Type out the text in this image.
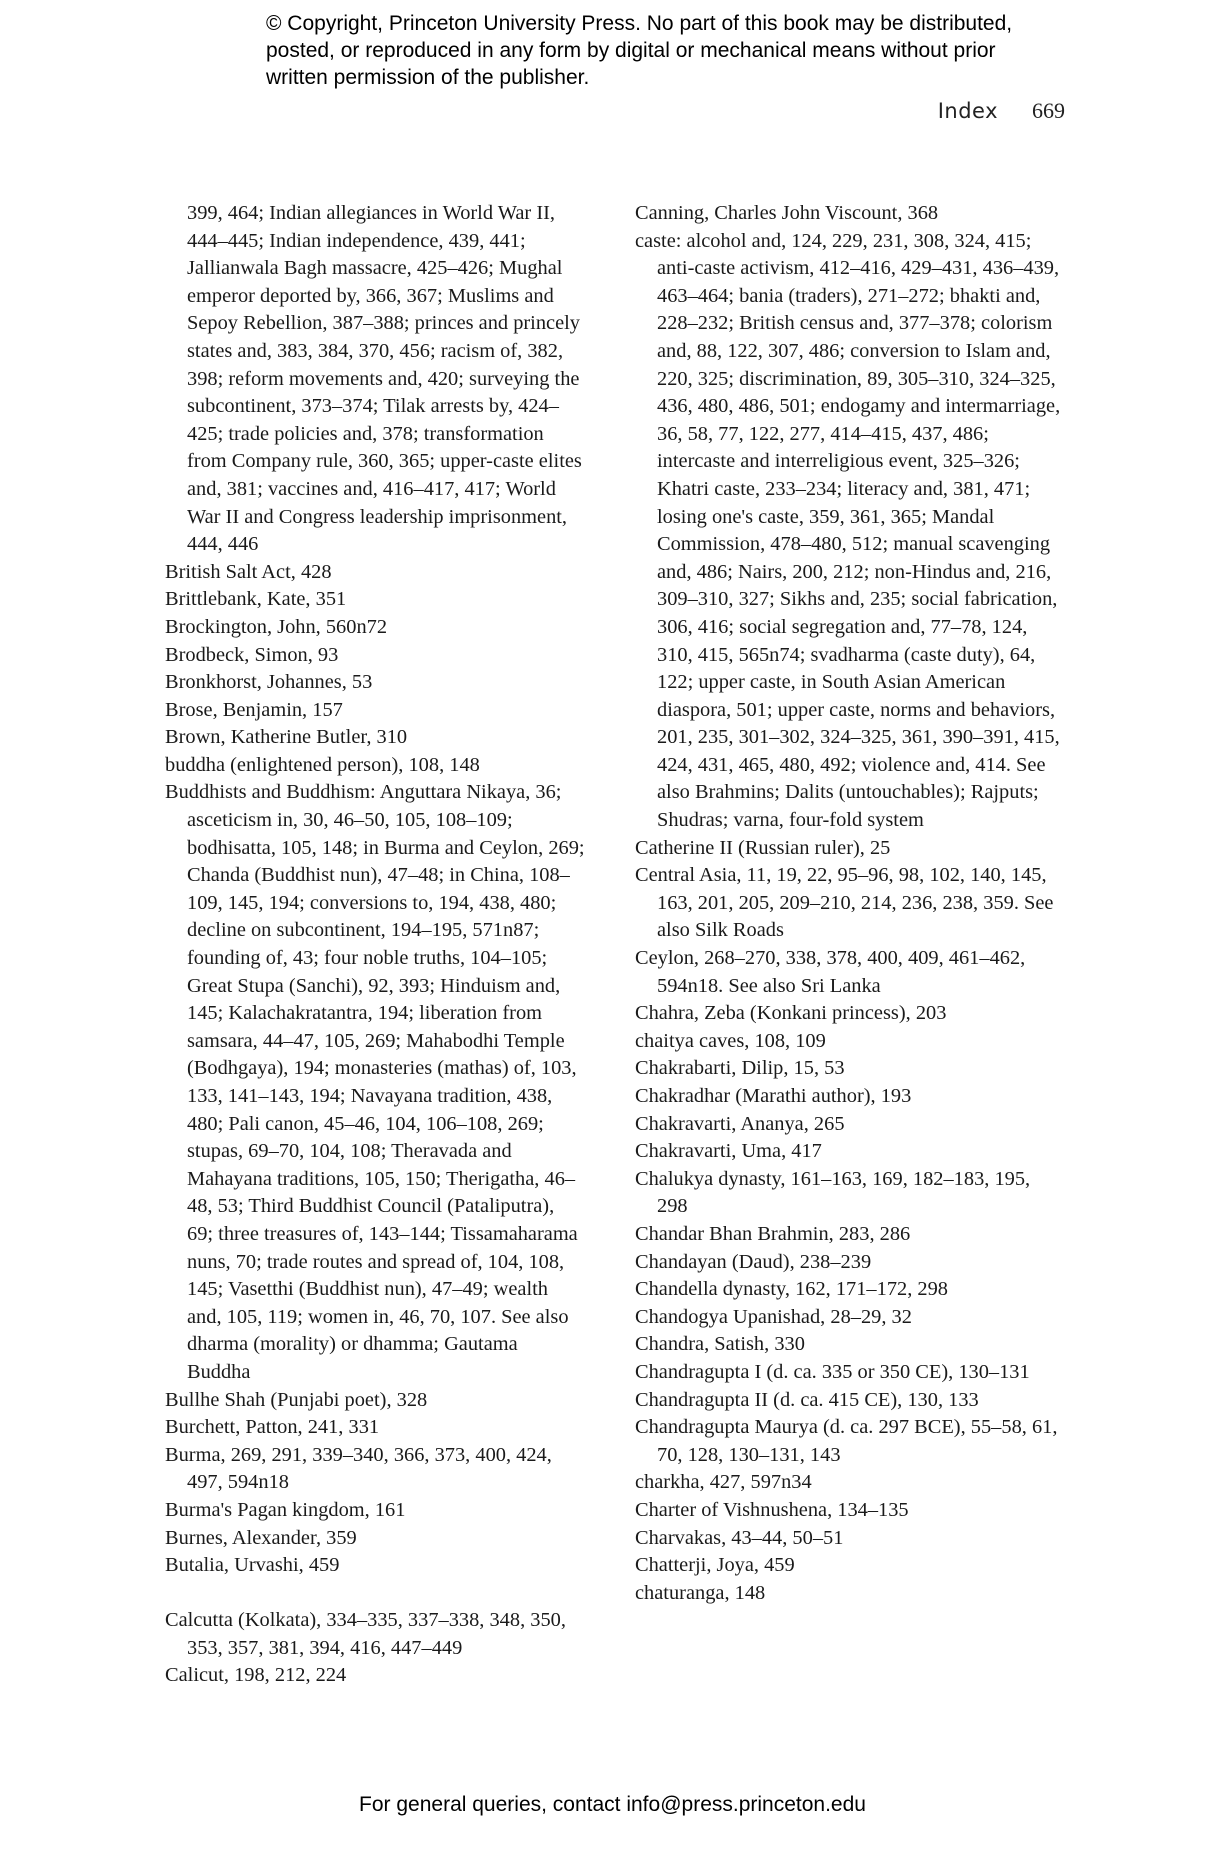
© Copyright, Princeton University Press. No part of this book may be distributed, posted, or reproduced in any form by digital or mechanical means without prior written permission of the publisher.
Index 669

399, 464; Indian allegiances in World War II, 444–445; Indian independence, 439, 441; Jallianwala Bagh massacre, 425–426; Mughal emperor deported by, 366, 367; Muslims and Sepoy Rebellion, 387–388; princes and princely states and, 383, 384, 370, 456; racism of, 382, 398; reform movements and, 420; surveying the subcontinent, 373–374; Tilak arrests by, 424–425; trade policies and, 378; transformation from Company rule, 360, 365; upper-caste elites and, 381; vaccines and, 416–417, 417; World War II and Congress leadership imprisonment, 444, 446

British Salt Act, 428

Brittlebank, Kate, 351

Brockington, John, 560n72

Brodbeck, Simon, 93

Bronkhorst, Johannes, 53

Brose, Benjamin, 157

Brown, Katherine Butler, 310

buddha (enlightened person), 108, 148

Buddhists and Buddhism: Anguttara Nikaya, 36; asceticism in, 30, 46–50, 105, 108–109; bodhisatta, 105, 148; in Burma and Ceylon, 269; Chanda (Buddhist nun), 47–48; in China, 108–109, 145, 194; conversions to, 194, 438, 480; decline on subcontinent, 194–195, 571n87; founding of, 43; four noble truths, 104–105; Great Stupa (Sanchi), 92, 393; Hinduism and, 145; Kalachakratantra, 194; liberation from samsara, 44–47, 105, 269; Mahabodhi Temple (Bodhgaya), 194; monasteries (mathas) of, 103, 133, 141–143, 194; Navayana tradition, 438, 480; Pali canon, 45–46, 104, 106–108, 269; stupas, 69–70, 104, 108; Theravada and Mahayana traditions, 105, 150; Therigatha, 46–48, 53; Third Buddhist Council (Pataliputra), 69; three treasures of, 143–144; Tissamaharama nuns, 70; trade routes and spread of, 104, 108, 145; Vasetthi (Buddhist nun), 47–49; wealth and, 105, 119; women in, 46, 70, 107. See also dharma (morality) or dhamma; Gautama Buddha

Bullhe Shah (Punjabi poet), 328

Burchett, Patton, 241, 331

Burma, 269, 291, 339–340, 366, 373, 400, 424, 497, 594n18

Burma's Pagan kingdom, 161

Burnes, Alexander, 359

Butalia, Urvashi, 459

Calcutta (Kolkata), 334–335, 337–338, 348, 350, 353, 357, 381, 394, 416, 447–449

Calicut, 198, 212, 224

Canning, Charles John Viscount, 368

caste: alcohol and, 124, 229, 231, 308, 324, 415; anti-caste activism, 412–416, 429–431, 436–439, 463–464; bania (traders), 271–272; bhakti and, 228–232; British census and, 377–378; colorism and, 88, 122, 307, 486; conversion to Islam and, 220, 325; discrimination, 89, 305–310, 324–325, 436, 480, 486, 501; endogamy and intermarriage, 36, 58, 77, 122, 277, 414–415, 437, 486; intercaste and interreligious event, 325–326; Khatri caste, 233–234; literacy and, 381, 471; losing one's caste, 359, 361, 365; Mandal Commission, 478–480, 512; manual scavenging and, 486; Nairs, 200, 212; non-Hindus and, 216, 309–310, 327; Sikhs and, 235; social fabrication, 306, 416; social segregation and, 77–78, 124, 310, 415, 565n74; svadharma (caste duty), 64, 122; upper caste, in South Asian American diaspora, 501; upper caste, norms and behaviors, 201, 235, 301–302, 324–325, 361, 390–391, 415, 424, 431, 465, 480, 492; violence and, 414. See also Brahmins; Dalits (untouchables); Rajputs; Shudras; varna, four-fold system

Catherine II (Russian ruler), 25

Central Asia, 11, 19, 22, 95–96, 98, 102, 140, 145, 163, 201, 205, 209–210, 214, 236, 238, 359. See also Silk Roads

Ceylon, 268–270, 338, 378, 400, 409, 461–462, 594n18. See also Sri Lanka

Chahra, Zeba (Konkani princess), 203

chaitya caves, 108, 109

Chakrabarti, Dilip, 15, 53

Chakradhar (Marathi author), 193

Chakravarti, Ananya, 265

Chakravarti, Uma, 417

Chalukya dynasty, 161–163, 169, 182–183, 195, 298

Chandar Bhan Brahmin, 283, 286

Chandayan (Daud), 238–239

Chandella dynasty, 162, 171–172, 298

Chandogya Upanishad, 28–29, 32

Chandra, Satish, 330

Chandragupta I (d. ca. 335 or 350 CE), 130–131

Chandragupta II (d. ca. 415 CE), 130, 133

Chandragupta Maurya (d. ca. 297 BCE), 55–58, 61, 70, 128, 130–131, 143

charkha, 427, 597n34

Charter of Vishnushena, 134–135

Charvakas, 43–44, 50–51

Chatterji, Joya, 459

chaturanga, 148

For general queries, contact info@press.princeton.edu
